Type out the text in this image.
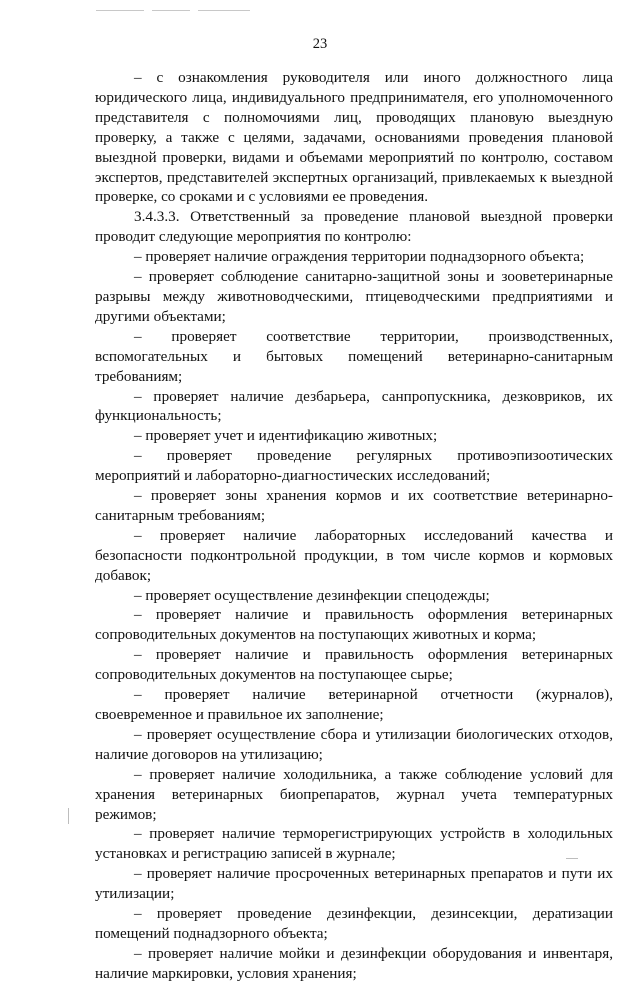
23

– с ознакомления руководителя или иного должностного лица юридического лица, индивидуального предпринимателя, его уполномоченного представителя с полномочиями лиц, проводящих плановую выездную проверку, а также с целями, задачами, основаниями проведения плановой выездной проверки, видами и объемами мероприятий по контролю, составом экспертов, представителей экспертных организаций, привлекаемых к выездной проверке, со сроками и с условиями ее проведения.

3.4.3.3. Ответственный за проведение плановой выездной проверки проводит следующие мероприятия по контролю:

– проверяет наличие ограждения территории поднадзорного объекта;

– проверяет соблюдение санитарно-защитной зоны и зооветеринарные разрывы между животноводческими, птицеводческими предприятиями и другими объектами;

– проверяет соответствие территории, производственных, вспомогательных и бытовых помещений ветеринарно-санитарным требованиям;

– проверяет наличие дезбарьера, санпропускника, дезковриков, их функциональность;

– проверяет учет и идентификацию животных;

– проверяет проведение регулярных противоэпизоотических мероприятий и лабораторно-диагностических исследований;

– проверяет зоны хранения кормов и их соответствие ветеринарно-санитарным требованиям;

– проверяет наличие лабораторных исследований качества и безопасности подконтрольной продукции, в том числе кормов и кормовых добавок;

– проверяет осуществление дезинфекции спецодежды;

– проверяет наличие и правильность оформления ветеринарных сопроводительных документов на поступающих животных и корма;

– проверяет наличие и правильность оформления ветеринарных сопроводительных документов на поступающее сырье;

– проверяет наличие ветеринарной отчетности (журналов), своевременное и правильное их заполнение;

– проверяет осуществление сбора и утилизации биологических отходов, наличие договоров на утилизацию;

– проверяет наличие холодильника, а также соблюдение условий для хранения ветеринарных биопрепаратов, журнал учета температурных режимов;

– проверяет наличие терморегистрирующих устройств в холодильных установках и регистрацию записей в журнале;

– проверяет наличие просроченных ветеринарных препаратов и пути их утилизации;

– проверяет проведение дезинфекции, дезинсекции, дератизации помещений поднадзорного объекта;

– проверяет наличие мойки и дезинфекции оборудования и инвентаря, наличие маркировки, условия хранения;
